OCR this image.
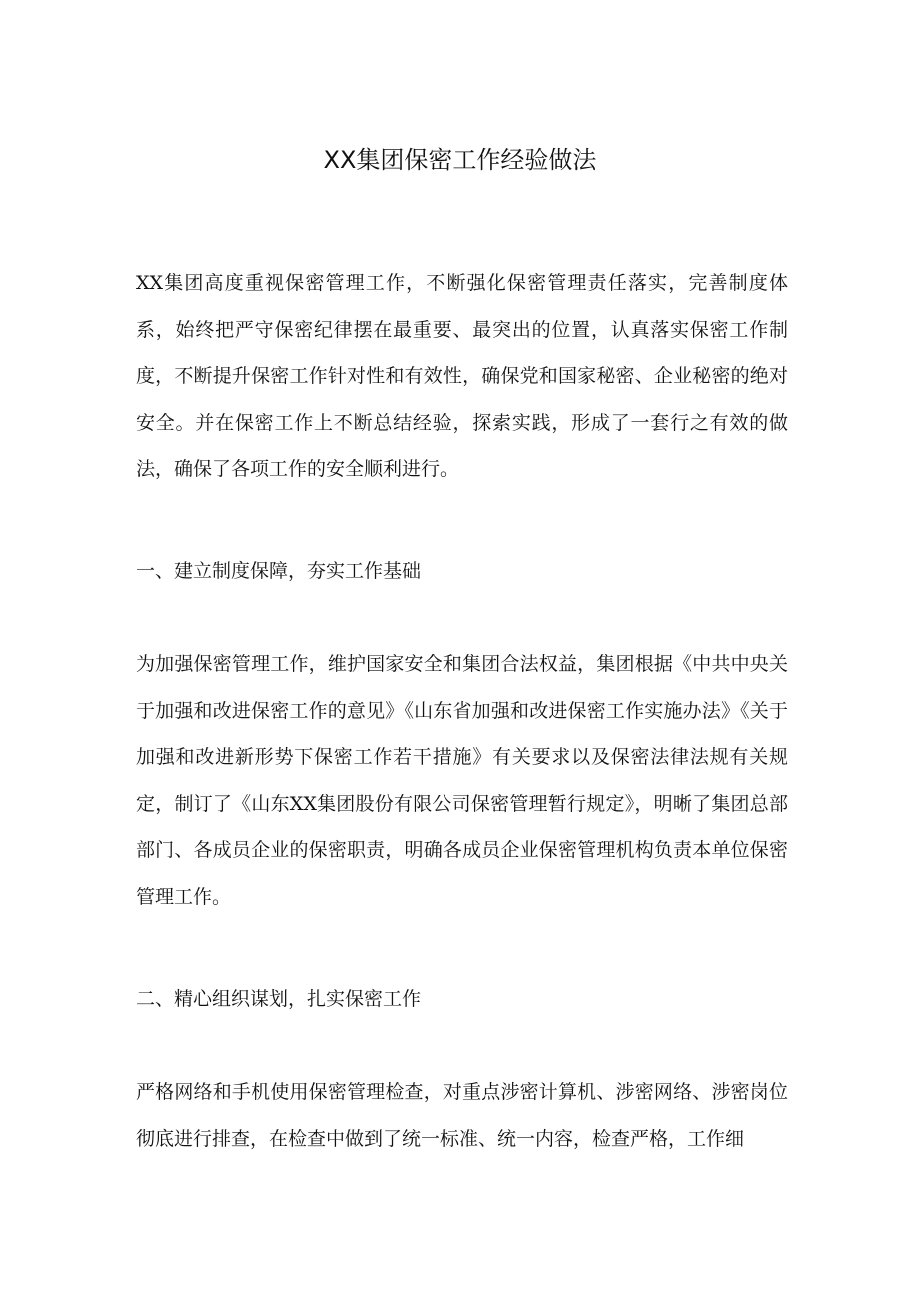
XX集团保密工作经验做法
XX集团高度重视保密管理工作，不断强化保密管理责任落实，完善制度体系，始终把严守保密纪律摆在最重要、最突出的位置，认真落实保密工作制度，不断提升保密工作针对性和有效性，确保党和国家秘密、企业秘密的绝对安全。并在保密工作上不断总结经验，探索实践，形成了一套行之有效的做法，确保了各项工作的安全顺利进行。
一、建立制度保障，夯实工作基础
为加强保密管理工作，维护国家安全和集团合法权益，集团根据《中共中央关于加强和改进保密工作的意见》《山东省加强和改进保密工作实施办法》《关于加强和改进新形势下保密工作若干措施》有关要求以及保密法律法规有关规定，制订了《山东XX集团股份有限公司保密管理暂行规定》，明晰了集团总部部门、各成员企业的保密职责，明确各成员企业保密管理机构负责本单位保密管理工作。
二、精心组织谋划，扎实保密工作
严格网络和手机使用保密管理检查，对重点涉密计算机、涉密网络、涉密岗位彻底进行排查，在检查中做到了统一标准、统一内容，检查严格，工作细
